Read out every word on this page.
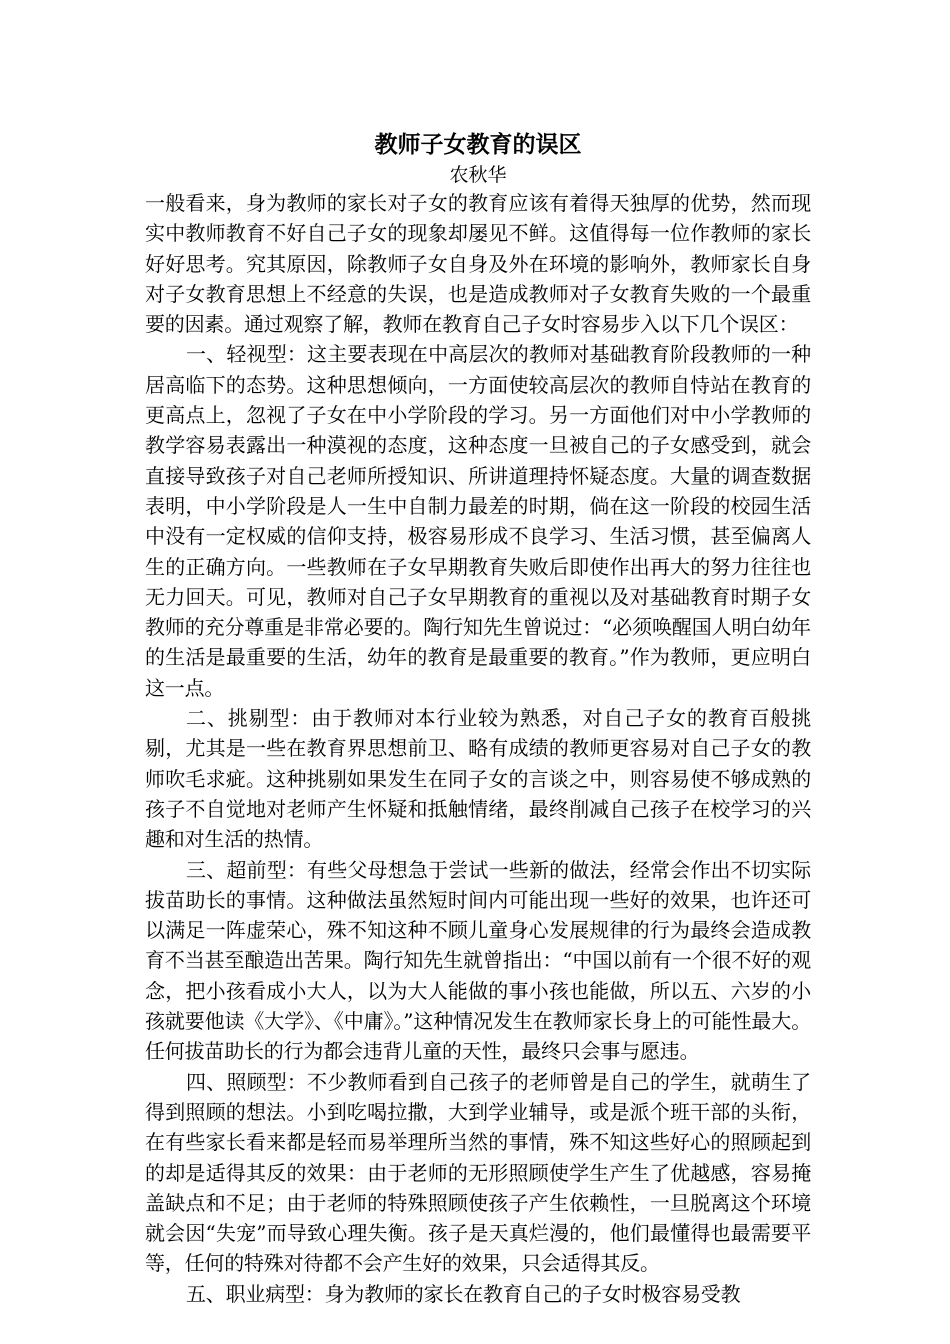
教师子女教育的误区
农秋华

一般看来，身为教师的家长对子女的教育应该有着得天独厚的优势，然而现实中教师教育不好自己子女的现象却屡见不鲜。这值得每一位作教师的家长好好思考。究其原因，除教师子女自身及外在环境的影响外，教师家长自身对子女教育思想上不经意的失误，也是造成教师对子女教育失败的一个最重要的因素。通过观察了解，教师在教育自己子女时容易步入以下几个误区：

一、轻视型：这主要表现在中高层次的教师对基础教育阶段教师的一种居高临下的态势。这种思想倾向，一方面使较高层次的教师自恃站在教育的更高点上，忽视了子女在中小学阶段的学习。另一方面他们对中小学教师的教学容易表露出一种漠视的态度，这种态度一旦被自己的子女感受到，就会直接导致孩子对自己老师所授知识、所讲道理持怀疑态度。大量的调查数据表明，中小学阶段是人一生中自制力最差的时期，倘在这一阶段的校园生活中没有一定权威的信仰支持，极容易形成不良学习、生活习惯，甚至偏离人生的正确方向。一些教师在子女早期教育失败后即使作出再大的努力往往也无力回天。可见，教师对自己子女早期教育的重视以及对基础教育时期子女教师的充分尊重是非常必要的。陶行知先生曾说过：“必须唤醒国人明白幼年的生活是最重要的生活，幼年的教育是最重要的教育。”作为教师，更应明白这一点。

二、挑剔型：由于教师对本行业较为熟悉，对自己子女的教育百般挑剔，尤其是一些在教育界思想前卫、略有成绩的教师更容易对自己子女的教师吹毛求疵。这种挑剔如果发生在同子女的言谈之中，则容易使不够成熟的孩子不自觉地对老师产生怀疑和抵触情绪，最终削减自己孩子在校学习的兴趣和对生活的热情。

三、超前型：有些父母想急于尝试一些新的做法，经常会作出不切实际拔苗助长的事情。这种做法虽然短时间内可能出现一些好的效果，也许还可以满足一阵虚荣心，殊不知这种不顾儿童身心发展规律的行为最终会造成教育不当甚至酿造出苦果。陶行知先生就曾指出：“中国以前有一个很不好的观念，把小孩看成小大人，以为大人能做的事小孩也能做，所以五、六岁的小孩就要他读《大学》、《中庸》。”这种情况发生在教师家长身上的可能性最大。任何拔苗助长的行为都会违背儿童的天性，最终只会事与愿违。

四、照顾型：不少教师看到自己孩子的老师曾是自己的学生，就萌生了得到照顾的想法。小到吃喝拉撒，大到学业辅导，或是派个班干部的头衔，在有些家长看来都是轻而易举理所当然的事情，殊不知这些好心的照顾起到的却是适得其反的效果：由于老师的无形照顾使学生产生了优越感，容易掩盖缺点和不足；由于老师的特殊照顾使孩子产生依赖性，一旦脱离这个环境就会因“失宠”而导致心理失衡。孩子是天真烂漫的，他们最懂得也最需要平等，任何的特殊对待都不会产生好的效果，只会适得其反。

五、职业病型：身为教师的家长在教育自己的子女时极容易受教
